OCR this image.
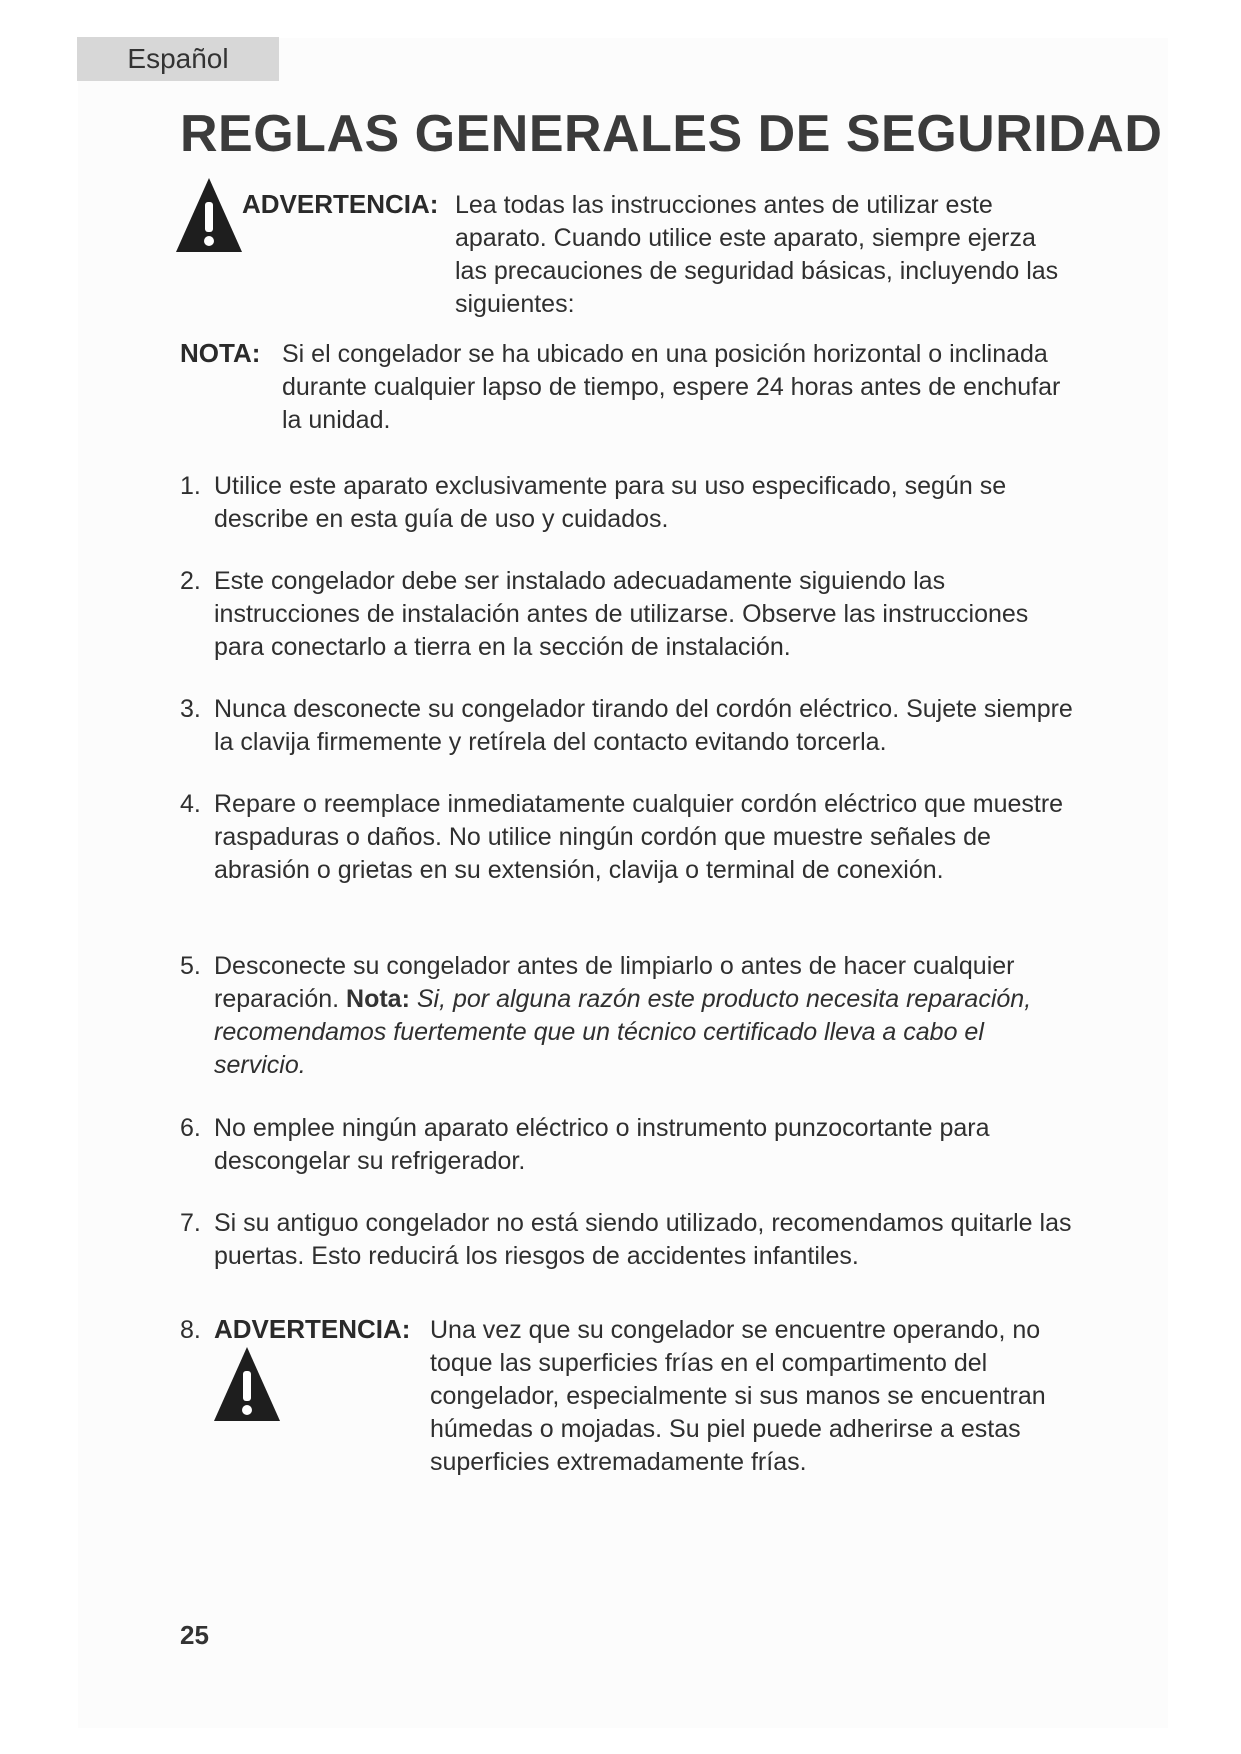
Español
REGLAS GENERALES DE SEGURIDAD
ADVERTENCIA: Lea todas las instrucciones antes de utilizar este aparato. Cuando utilice este aparato, siempre ejerza las precauciones de seguridad básicas, incluyendo las siguientes:
NOTA: Si el congelador se ha ubicado en una posición horizontal o inclinada durante cualquier lapso de tiempo, espere 24 horas antes de enchufar la unidad.
1. Utilice este aparato exclusivamente para su uso especificado, según se describe en esta guía de uso y cuidados.
2. Este congelador debe ser instalado adecuadamente siguiendo las instrucciones de instalación antes de utilizarse. Observe las instrucciones para conectarlo a tierra en la sección de instalación.
3. Nunca desconecte su congelador tirando del cordón eléctrico. Sujete siempre la clavija firmemente y retírela del contacto evitando torcerla.
4. Repare o reemplace inmediatamente cualquier cordón eléctrico que muestre raspaduras o daños. No utilice ningún cordón que muestre señales de abrasión o grietas en su extensión, clavija o terminal de conexión.
5. Desconecte su congelador antes de limpiarlo o antes de hacer cualquier reparación. Nota: Si, por alguna razón este producto necesita reparación, recomendamos fuertemente que un técnico certificado lleva a cabo el servicio.
6. No emplee ningún aparato eléctrico o instrumento punzocortante para descongelar su refrigerador.
7. Si su antiguo congelador no está siendo utilizado, recomendamos quitarle las puertas. Esto reducirá los riesgos de accidentes infantiles.
8. ADVERTENCIA: Una vez que su congelador se encuentre operando, no toque las superficies frías en el compartimento del congelador, especialmente si sus manos se encuentran húmedas o mojadas. Su piel puede adherirse a estas superficies extremadamente frías.
25
